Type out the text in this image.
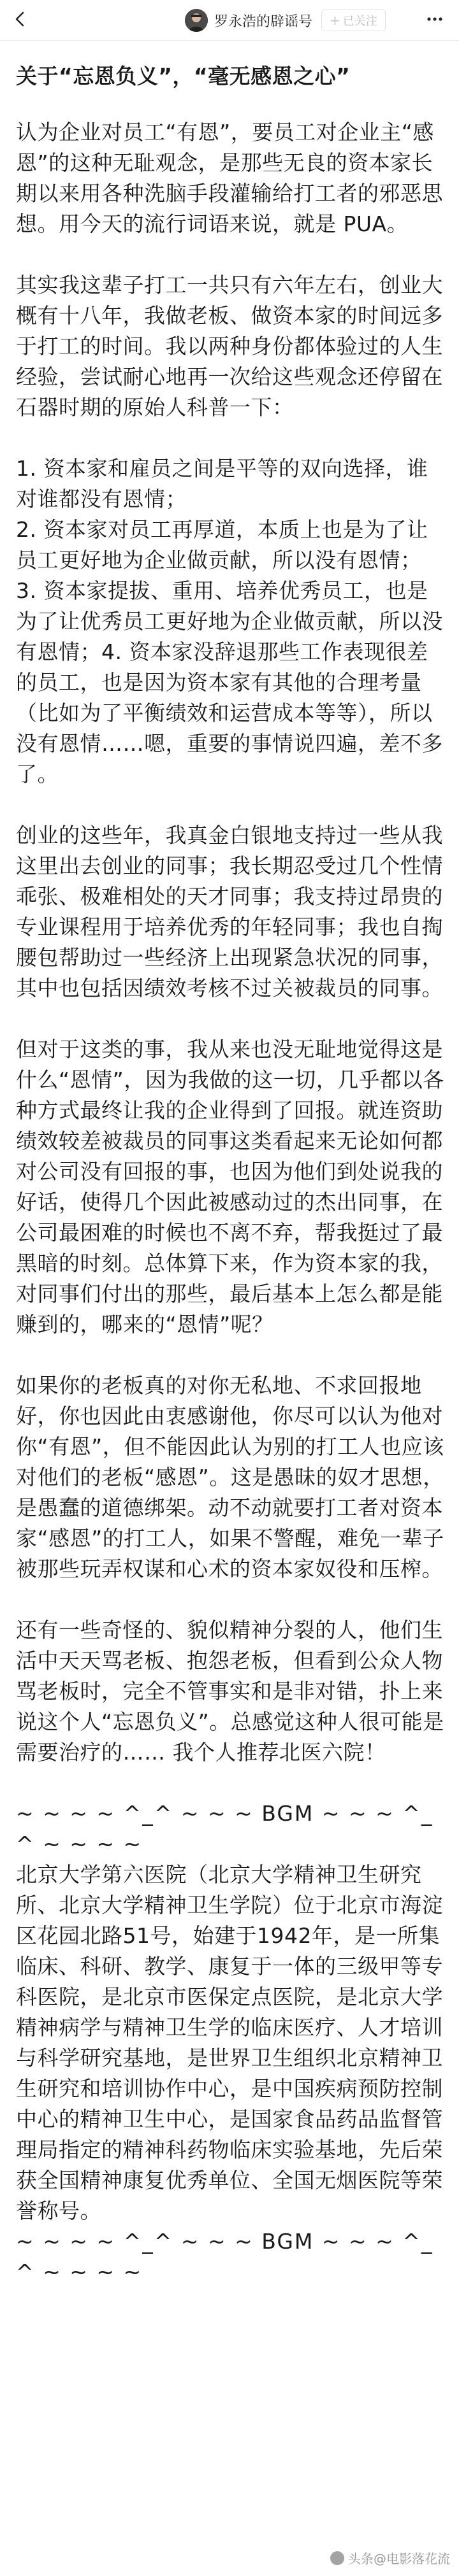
罗永浩的辟谣号 + 已关注
关于“忘恩负义”，“毫无感恩之心”

认为企业对员工“有恩”，要员工对企业主“感恩”的这种无耻观念，是那些无良的资本家长期以来用各种洗脑手段灌输给打工者的邪恶思想。用今天的流行词语来说，就是 PUA。

其实我这辈子打工一共只有六年左右，创业大概有十八年，我做老板、做资本家的时间远多于打工的时间。我以两种身份都体验过的人生经验，尝试耐心地再一次给这些观念还停留在石器时期的原始人科普一下：

1. 资本家和雇员之间是平等的双向选择，谁对谁都没有恩情；
2. 资本家对员工再厚道，本质上也是为了让员工更好地为企业做贡献，所以没有恩情；
3. 资本家提拔、重用、培养优秀员工，也是为了让优秀员工更好地为企业做贡献，所以没有恩情；4. 资本家没辞退那些工作表现很差的员工，也是因为资本家有其他的合理考量（比如为了平衡绩效和运营成本等等），所以没有恩情……嗯，重要的事情说四遍，差不多了。

创业的这些年，我真金白银地支持过一些从我这里出去创业的同事；我长期忍受过几个性情乖张、极难相处的天才同事；我支持过昂贵的专业课程用于培养优秀的年轻同事；我也自掏腰包帮助过一些经济上出现紧急状况的同事，其中也包括因绩效考核不过关被裁员的同事。

但对于这类的事，我从来也没无耻地觉得这是什么“恩情”，因为我做的这一切，几乎都以各种方式最终让我的企业得到了回报。就连资助绩效较差被裁员的同事这类看起来无论如何都对公司没有回报的事，也因为他们到处说我的好话，使得几个因此被感动过的杰出同事，在公司最困难的时候也不离不弃，帮我挺过了最黑暗的时刻。总体算下来，作为资本家的我，对同事们付出的那些，最后基本上怎么都是能赚到的，哪来的“恩情”呢？

如果你的老板真的对你无私地、不求回报地好，你也因此由衷感谢他，你尽可以认为他对你“有恩”，但不能因此认为别的打工人也应该对他们的老板“感恩”。这是愚昧的奴才思想，是愚蠢的道德绑架。动不动就要打工者对资本家“感恩”的打工人，如果不警醒，难免一辈子被那些玩弄权谋和心术的资本家奴役和压榨。

还有一些奇怪的、貌似精神分裂的人，他们生活中天天骂老板、抱怨老板，但看到公众人物骂老板时，完全不管事实和是非对错，扑上来说这个人“忘恩负义”。总感觉这种人很可能是需要治疗的…… 我个人推荐北医六院！

~ ~ ~ ~ ^_^ ~ ~ ~ BGM ~ ~ ~ ^_^ ~ ~ ~ ~

北京大学第六医院（北京大学精神卫生研究所、北京大学精神卫生学院）位于北京市海淀区花园北路51号，始建于1942年，是一所集临床、科研、教学、康复于一体的三级甲等专科医院，是北京市医保定点医院，是北京大学精神病学与精神卫生学的临床医疗、人才培训与科学研究基地，是世界卫生组织北京精神卫生研究和培训协作中心，是中国疾病预防控制中心的精神卫生中心，是国家食品药品监督管理局指定的精神科药物临床实验基地，先后荣获全国精神康复优秀单位、全国无烟医院等荣誉称号。

~ ~ ~ ~ ^_^ ~ ~ ~ BGM ~ ~ ~ ^_^ ~ ~ ~ ~

头条@电影落花流
